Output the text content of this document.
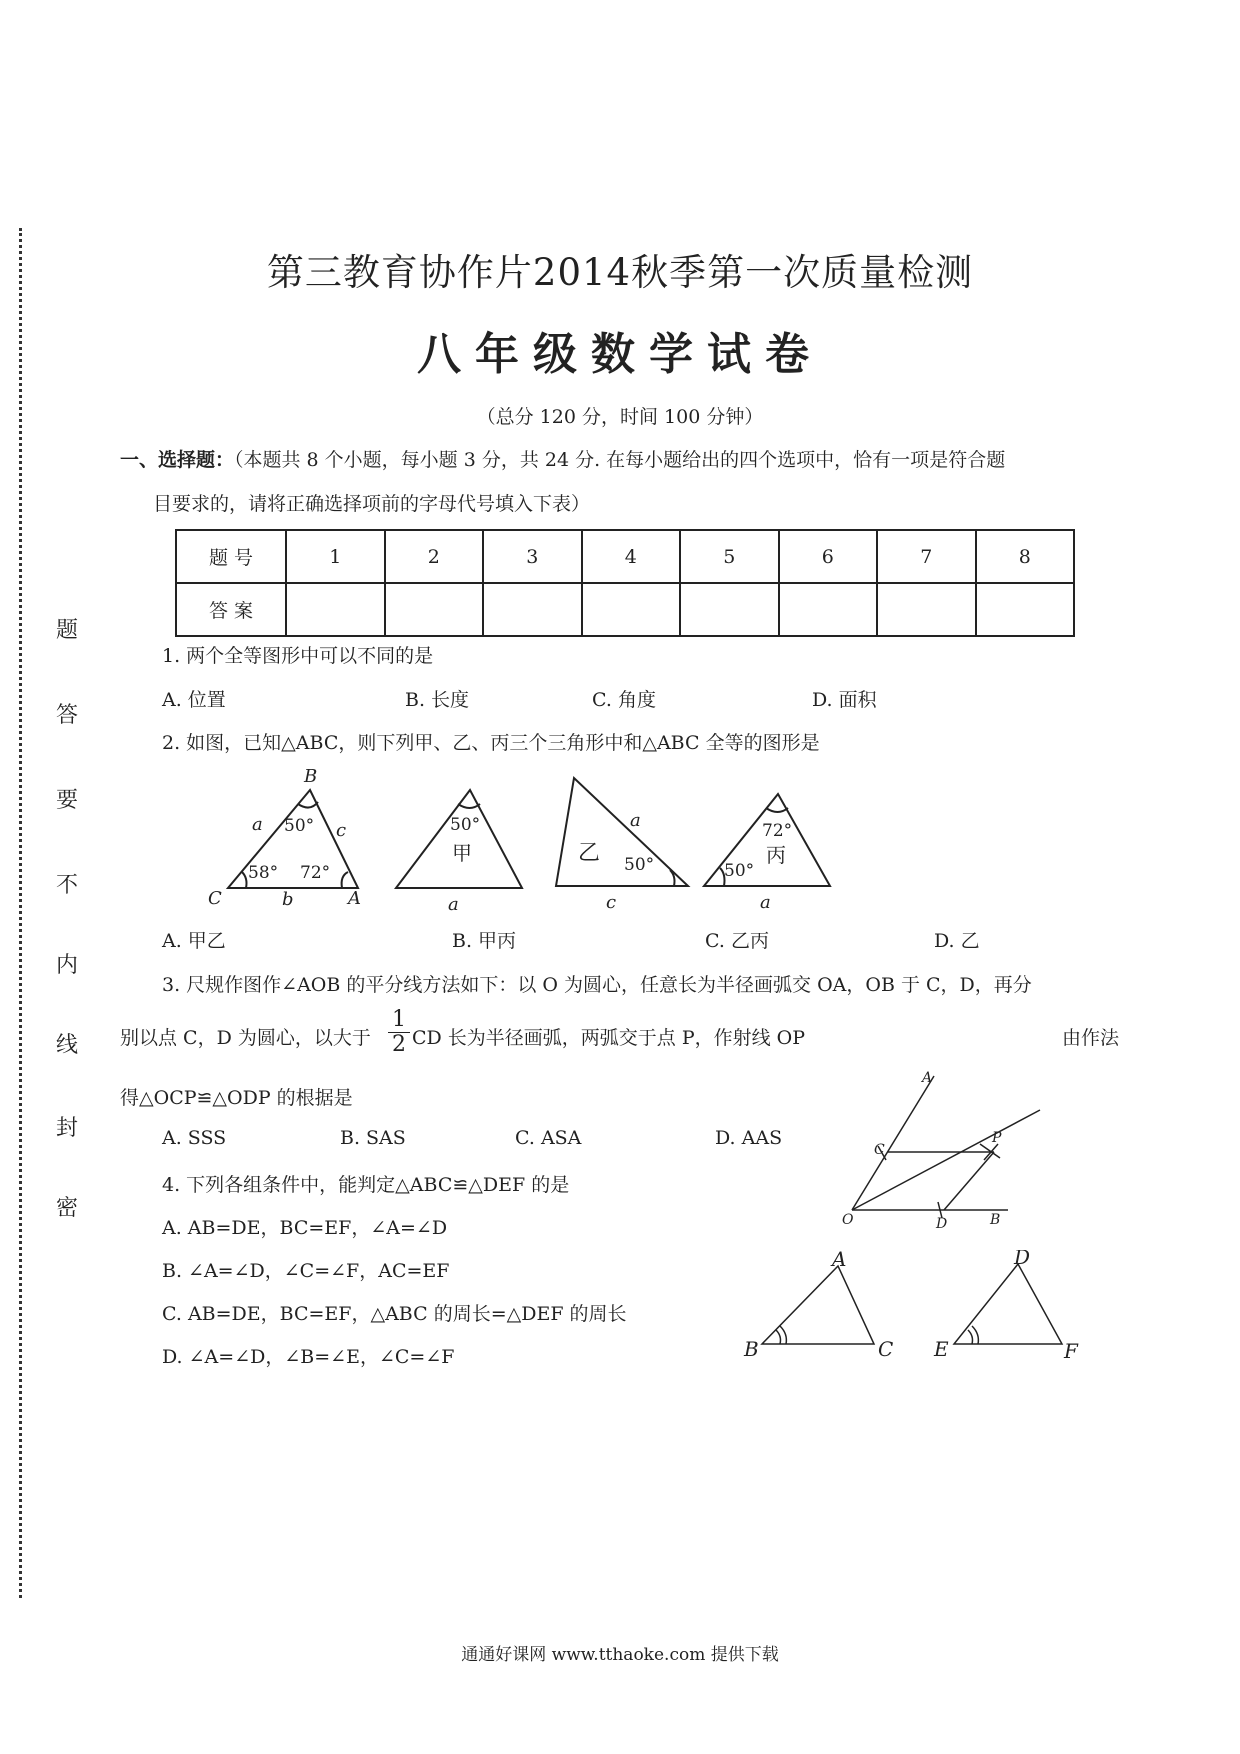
题
答
要
不
内
线
封
密
第三教育协作片2014秋季第一次质量检测
八年级数学试卷
（总分 120 分，时间 100 分钟）
一、选择题：（本题共 8 个小题，每小题 3 分，共 24 分. 在每小题给出的四个选项中，恰有一项是符合题
目要求的，请将正确选择项前的字母代号填入下表）
题 号	1	2	3	4	5	6	7	8
答 案								
1. 两个全等图形中可以不同的是
A. 位置	B. 长度	C. 角度	D. 面积
2. 如图，已知△ABC，则下列甲、乙、丙三个三角形中和△ABC 全等的图形是
B
C	A
a
b
c
50°
58° 72°
50°
甲
a
乙 50°
a
c
72°
50°
丙
a
A. 甲乙	B. 甲丙	C. 乙丙	D. 乙
3. 尺规作图作∠AOB 的平分线方法如下：以 O 为圆心，任意长为半径画弧交 OA，OB 于 C，D，再分
别以点 C，D 为圆心，以大于 $\frac{1}{2}$ CD 长为半径画弧，两弧交于点 P，作射线 OP	由作法
得△OCP≌△ODP 的根据是
A. SSS	B. SAS	C. ASA	D. AAS
A
C
P
O	D	B
4. 下列各组条件中，能判定△ABC≌△DEF 的是
A. AB=DE，BC=EF，∠A=∠D
B. ∠A=∠D，∠C=∠F，AC=EF
C. AB=DE，BC=EF，△ABC 的周长=△DEF 的周长
D. ∠A=∠D，∠B=∠E，∠C=∠F
A
B	C
D
E	F
通通好课网 www.tthaoke.com 提供下载
